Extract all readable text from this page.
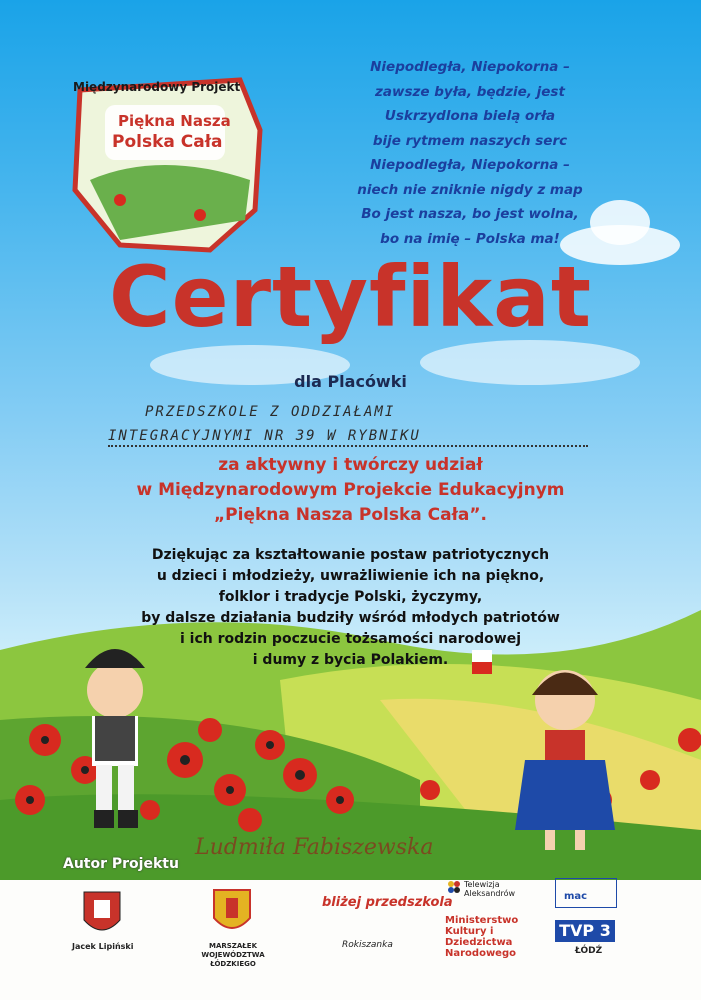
Międzynarodowy Projekt
Piękna Nasza
Polska Cała
Niepodległa, Niepokorna –
zawsze była, będzie, jest
Uskrzydlona bielą orła
bije rytmem naszych serc
Niepodległa, Niepokorna –
niech nie zniknie nigdy z map
Bo jest nasza, bo jest wolna,
bo na imię – Polska ma!
Certyfikat
dla Placówki
PRZEDSZKOLE Z ODDZIAŁAMI
INTEGRACYJNYMI NR 39 W RYBNIKU
za aktywny i twórczy udział
w Międzynarodowym Projekcie Edukacyjnym
„Piękna Nasza Polska Cała”.
Dziękując za kształtowanie postaw patriotycznych
u dzieci i młodzieży, uwrażliwienie ich na piękno,
folklor i tradycje Polski, życzymy,
by dalsze działania budziły wśród młodych patriotów
i ich rodzin poczucie tożsamości narodowej
i dumy z bycia Polakiem.
Autor Projektu
Ludmiła Fabiszewska
Jacek Lipiński	MARSZAŁEK WOJEWÓDZTWA ŁÓDZKIEGO
bliżej przedszkola
Rokiszanka
Telewizja Aleksandrów
Ministerstwo Kultury i Dziedzictwa Narodowego
mac
TVP 3
ŁÓDŹ
